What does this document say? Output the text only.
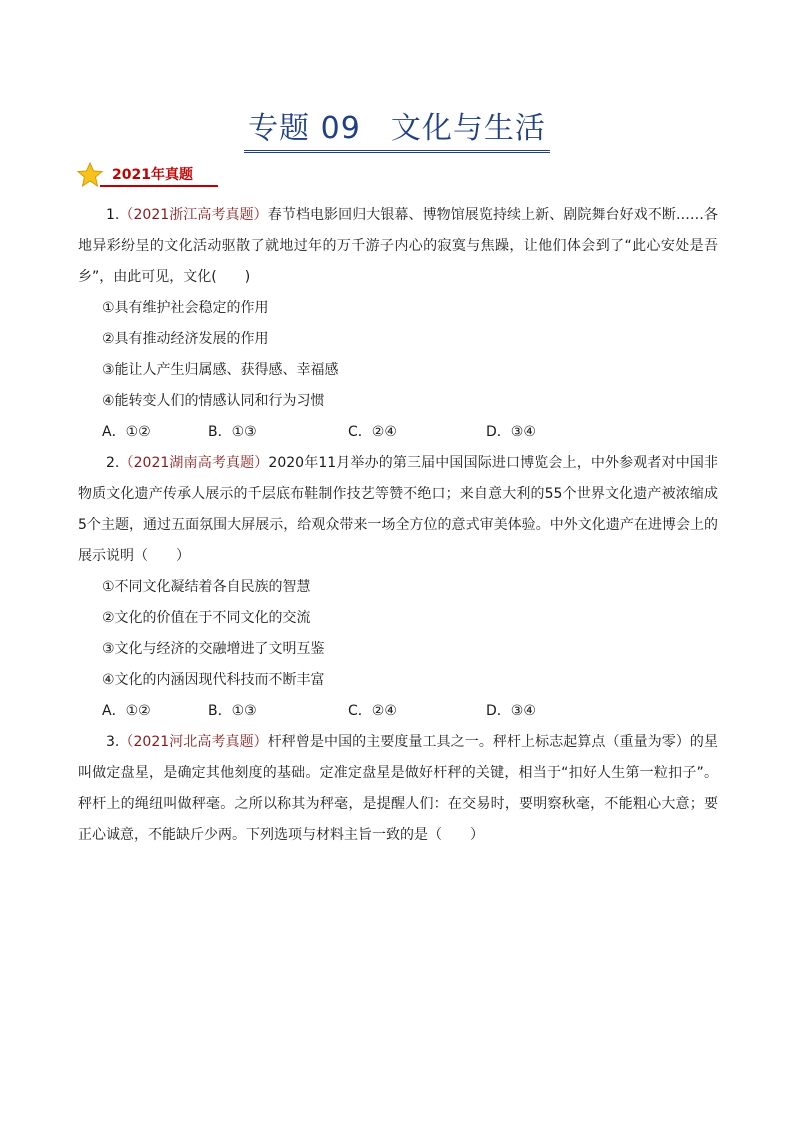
专题 09 文化与生活
2021年真题

1.（2021浙江高考真题）春节档电影回归大银幕、博物馆展览持续上新、剧院舞台好戏不断……各地异彩纷呈的文化活动驱散了就地过年的万千游子内心的寂寞与焦躁，让他们体会到了“此心安处是吾乡”，由此可见，文化(　　)

①具有维护社会稳定的作用

②具有推动经济发展的作用

③能让人产生归属感、获得感、幸福感

④能转变人们的情感认同和行为习惯

A．①②	B．①③	C．②④	D．③④

2.（2021湖南高考真题）2020年11月举办的第三届中国国际进口博览会上，中外参观者对中国非物质文化遗产传承人展示的千层底布鞋制作技艺等赞不绝口；来自意大利的55个世界文化遗产被浓缩成5个主题，通过五面氛围大屏展示，给观众带来一场全方位的意式审美体验。中外文化遗产在进博会上的展示说明（　　）

①不同文化凝结着各自民族的智慧

②文化的价值在于不同文化的交流

③文化与经济的交融增进了文明互鉴

④文化的内涵因现代科技而不断丰富

A．①②	B．①③	C．②④	D．③④

3.（2021河北高考真题）杆秤曾是中国的主要度量工具之一。秤杆上标志起算点（重量为零）的星叫做定盘星，是确定其他刻度的基础。定准定盘星是做好杆秤的关键，相当于“扣好人生第一粒扣子”。秤杆上的绳纽叫做秤毫。之所以称其为秤毫，是提醒人们：在交易时，要明察秋毫，不能粗心大意；要正心诚意，不能缺斤少两。下列选项与材料主旨一致的是（　　）
